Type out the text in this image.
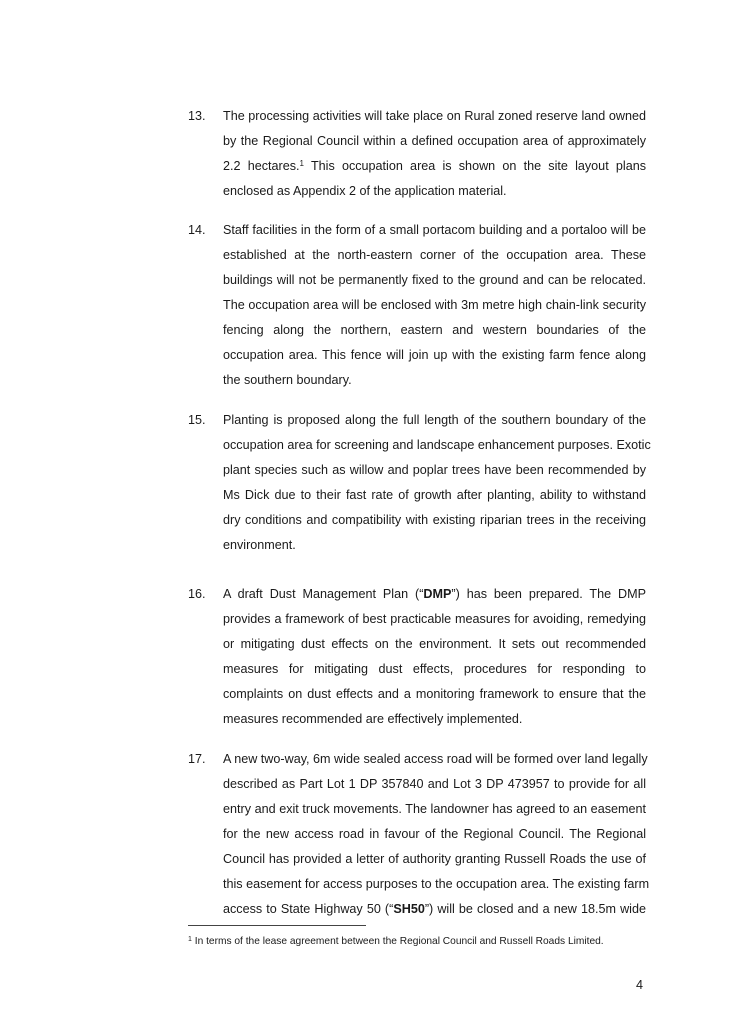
13.	The processing activities will take place on Rural zoned reserve land owned
by the Regional Council within a defined occupation area of approximately
2.2 hectares.$^1$ This occupation area is shown on the site layout plans
enclosed as Appendix 2 of the application material.
14.	Staff facilities in the form of a small portacom building and a portaloo will be
established at the north-eastern corner of the occupation area. These
buildings will not be permanently fixed to the ground and can be relocated.
The occupation area will be enclosed with 3m metre high chain-link security
fencing along the northern, eastern and western boundaries of the
occupation area. This fence will join up with the existing farm fence along
the southern boundary.
15.	Planting is proposed along the full length of the southern boundary of the
occupation area for screening and landscape enhancement purposes. Exotic
plant species such as willow and poplar trees have been recommended by
Ms Dick due to their fast rate of growth after planting, ability to withstand
dry conditions and compatibility with existing riparian trees in the receiving
environment.
16.	A draft Dust Management Plan (“DMP”) has been prepared. The DMP
provides a framework of best practicable measures for avoiding, remedying
or mitigating dust effects on the environment. It sets out recommended
measures for mitigating dust effects, procedures for responding to
complaints on dust effects and a monitoring framework to ensure that the
measures recommended are effectively implemented.
17.	A new two-way, 6m wide sealed access road will be formed over land legally
described as Part Lot 1 DP 357840 and Lot 3 DP 473957 to provide for all
entry and exit truck movements. The landowner has agreed to an easement
for the new access road in favour of the Regional Council. The Regional
Council has provided a letter of authority granting Russell Roads the use of
this easement for access purposes to the occupation area. The existing farm
access to State Highway 50 (“SH50”) will be closed and a new 18.5m wide
$^1$ In terms of the lease agreement between the Regional Council and Russell Roads Limited.
4
